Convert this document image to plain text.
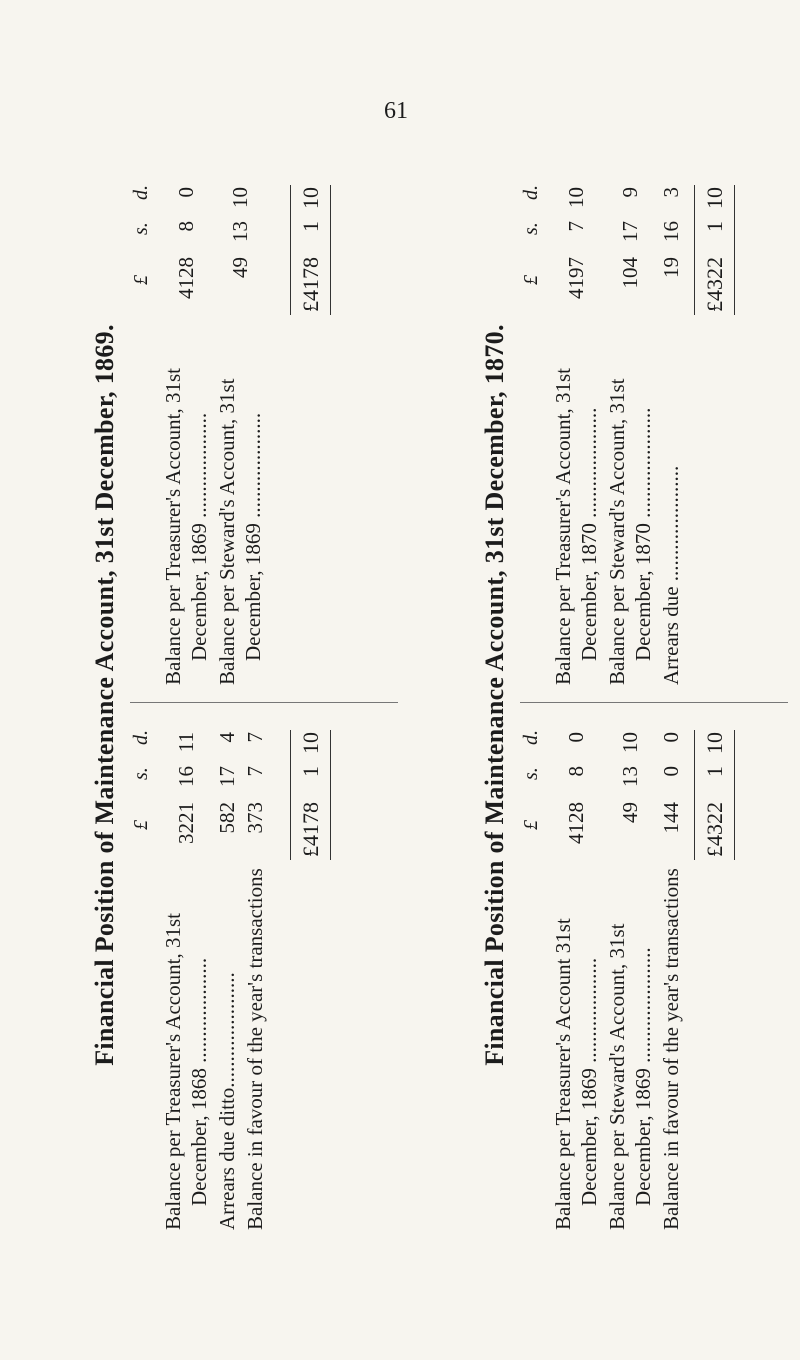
61
Financial Position of Maintenance Account, 31st December, 1869. £
s.
d.
Balance per Treasurer's Account, 31st December, 1868 ....................
3221
16
11
Arrears due ditto......................
582
17
4
Balance in favour of the year's transactions
373
7
7
£4178
1
10
£
s.
d.
Balance per Treasurer's Account, 31st December, 1869 ....................
4128
8
0
Balance per Steward's Account, 31st December, 1869 ....................
49
13
10
£4178
1
10
Financial Position of Maintenance Account, 31st December, 1870. £
s.
d.
Balance per Treasurer's Account 31st December, 1869 ....................
4128
8
0
Balance per Steward's Account, 31st December, 1869 ......................
49
13
10
Balance in favour of the year's transactions
144
0
0
£4322
1
10
£
s.
d.
Balance per Treasurer's Account, 31st December, 1870 .....................
4197
7
10
Balance per Steward's Account, 31st December, 1870 .....................
104
17
9
Arrears due ......................
19
16
3
£4322
1
10
